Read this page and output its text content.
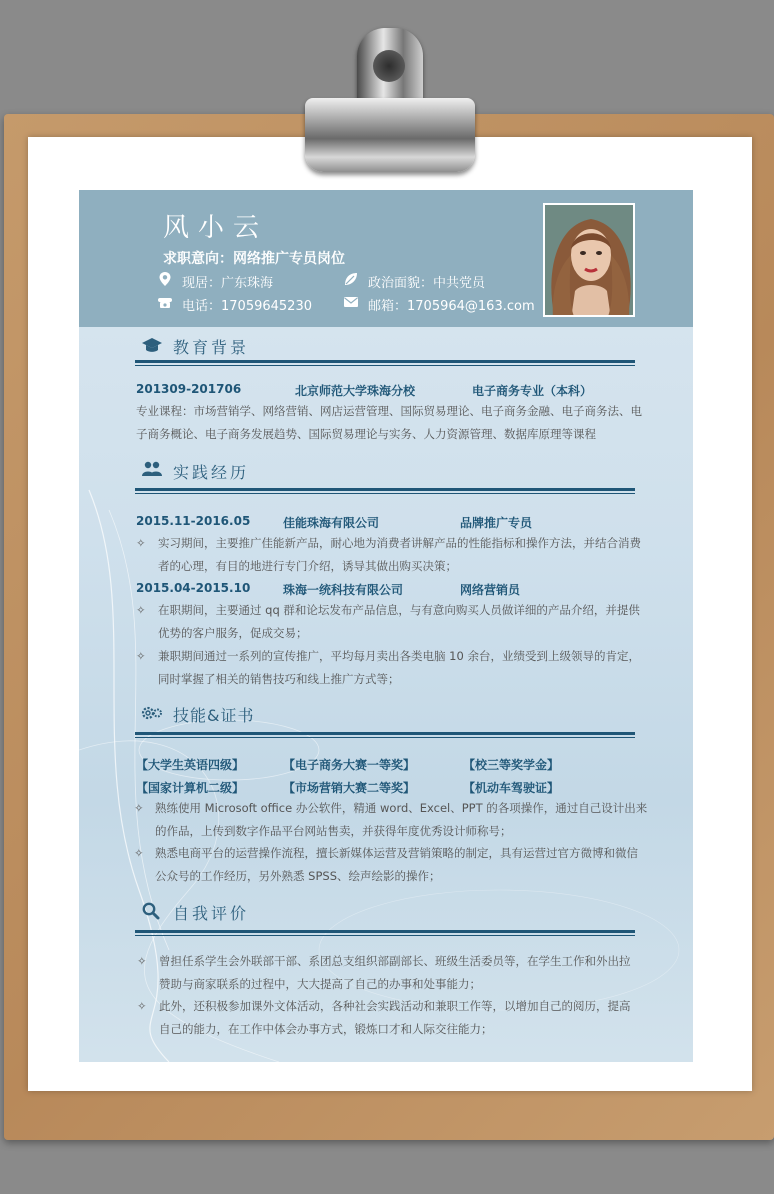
风小云
求职意向：网络推广专员岗位
现居：广东珠海	政治面貌：中共党员
电话：17059645230	邮箱：1705964@163.com
教育背景
201309-201706	北京师范大学珠海分校	电子商务专业（本科）
专业课程：市场营销学、网络营销、网店运营管理、国际贸易理论、电子商务金融、电子商务法、电
子商务概论、电子商务发展趋势、国际贸易理论与实务、人力资源管理、数据库原理等课程
实践经历
2015.11-2016.05	佳能珠海有限公司	品牌推广专员
✧	实习期间，主要推广佳能新产品，耐心地为消费者讲解产品的性能指标和操作方法，并结合消费
者的心理，有目的地进行专门介绍，诱导其做出购买决策；
2015.04-2015.10	珠海一统科技有限公司	网络营销员
✧	在职期间，主要通过 qq 群和论坛发布产品信息，与有意向购买人员做详细的产品介绍，并提供
优势的客户服务，促成交易；
✧	兼职期间通过一系列的宣传推广，平均每月卖出各类电脑 10 余台，业绩受到上级领导的肯定，
同时掌握了相关的销售技巧和线上推广方式等；
技能&证书
【大学生英语四级】	【电子商务大赛一等奖】	【校三等奖学金】
【国家计算机二级】	【市场营销大赛二等奖】	【机动车驾驶证】
✧ 熟练使用 Microsoft office 办公软件，精通 word、Excel、PPT 的各项操作，通过自己设计出来
的作品，上传到数字作品平台网站售卖，并获得年度优秀设计师称号；
✧ 熟悉电商平台的运营操作流程，擅长新媒体运营及营销策略的制定，具有运营过官方微博和微信
公众号的工作经历，另外熟悉 SPSS、绘声绘影的操作；
自我评价
✧	曾担任系学生会外联部干部、系团总支组织部副部长、班级生活委员等，在学生工作和外出拉
赞助与商家联系的过程中，大大提高了自己的办事和处事能力；
✧	此外，还积极参加课外文体活动，各种社会实践活动和兼职工作等，以增加自己的阅历，提高
自己的能力，在工作中体会办事方式，锻炼口才和人际交往能力；
